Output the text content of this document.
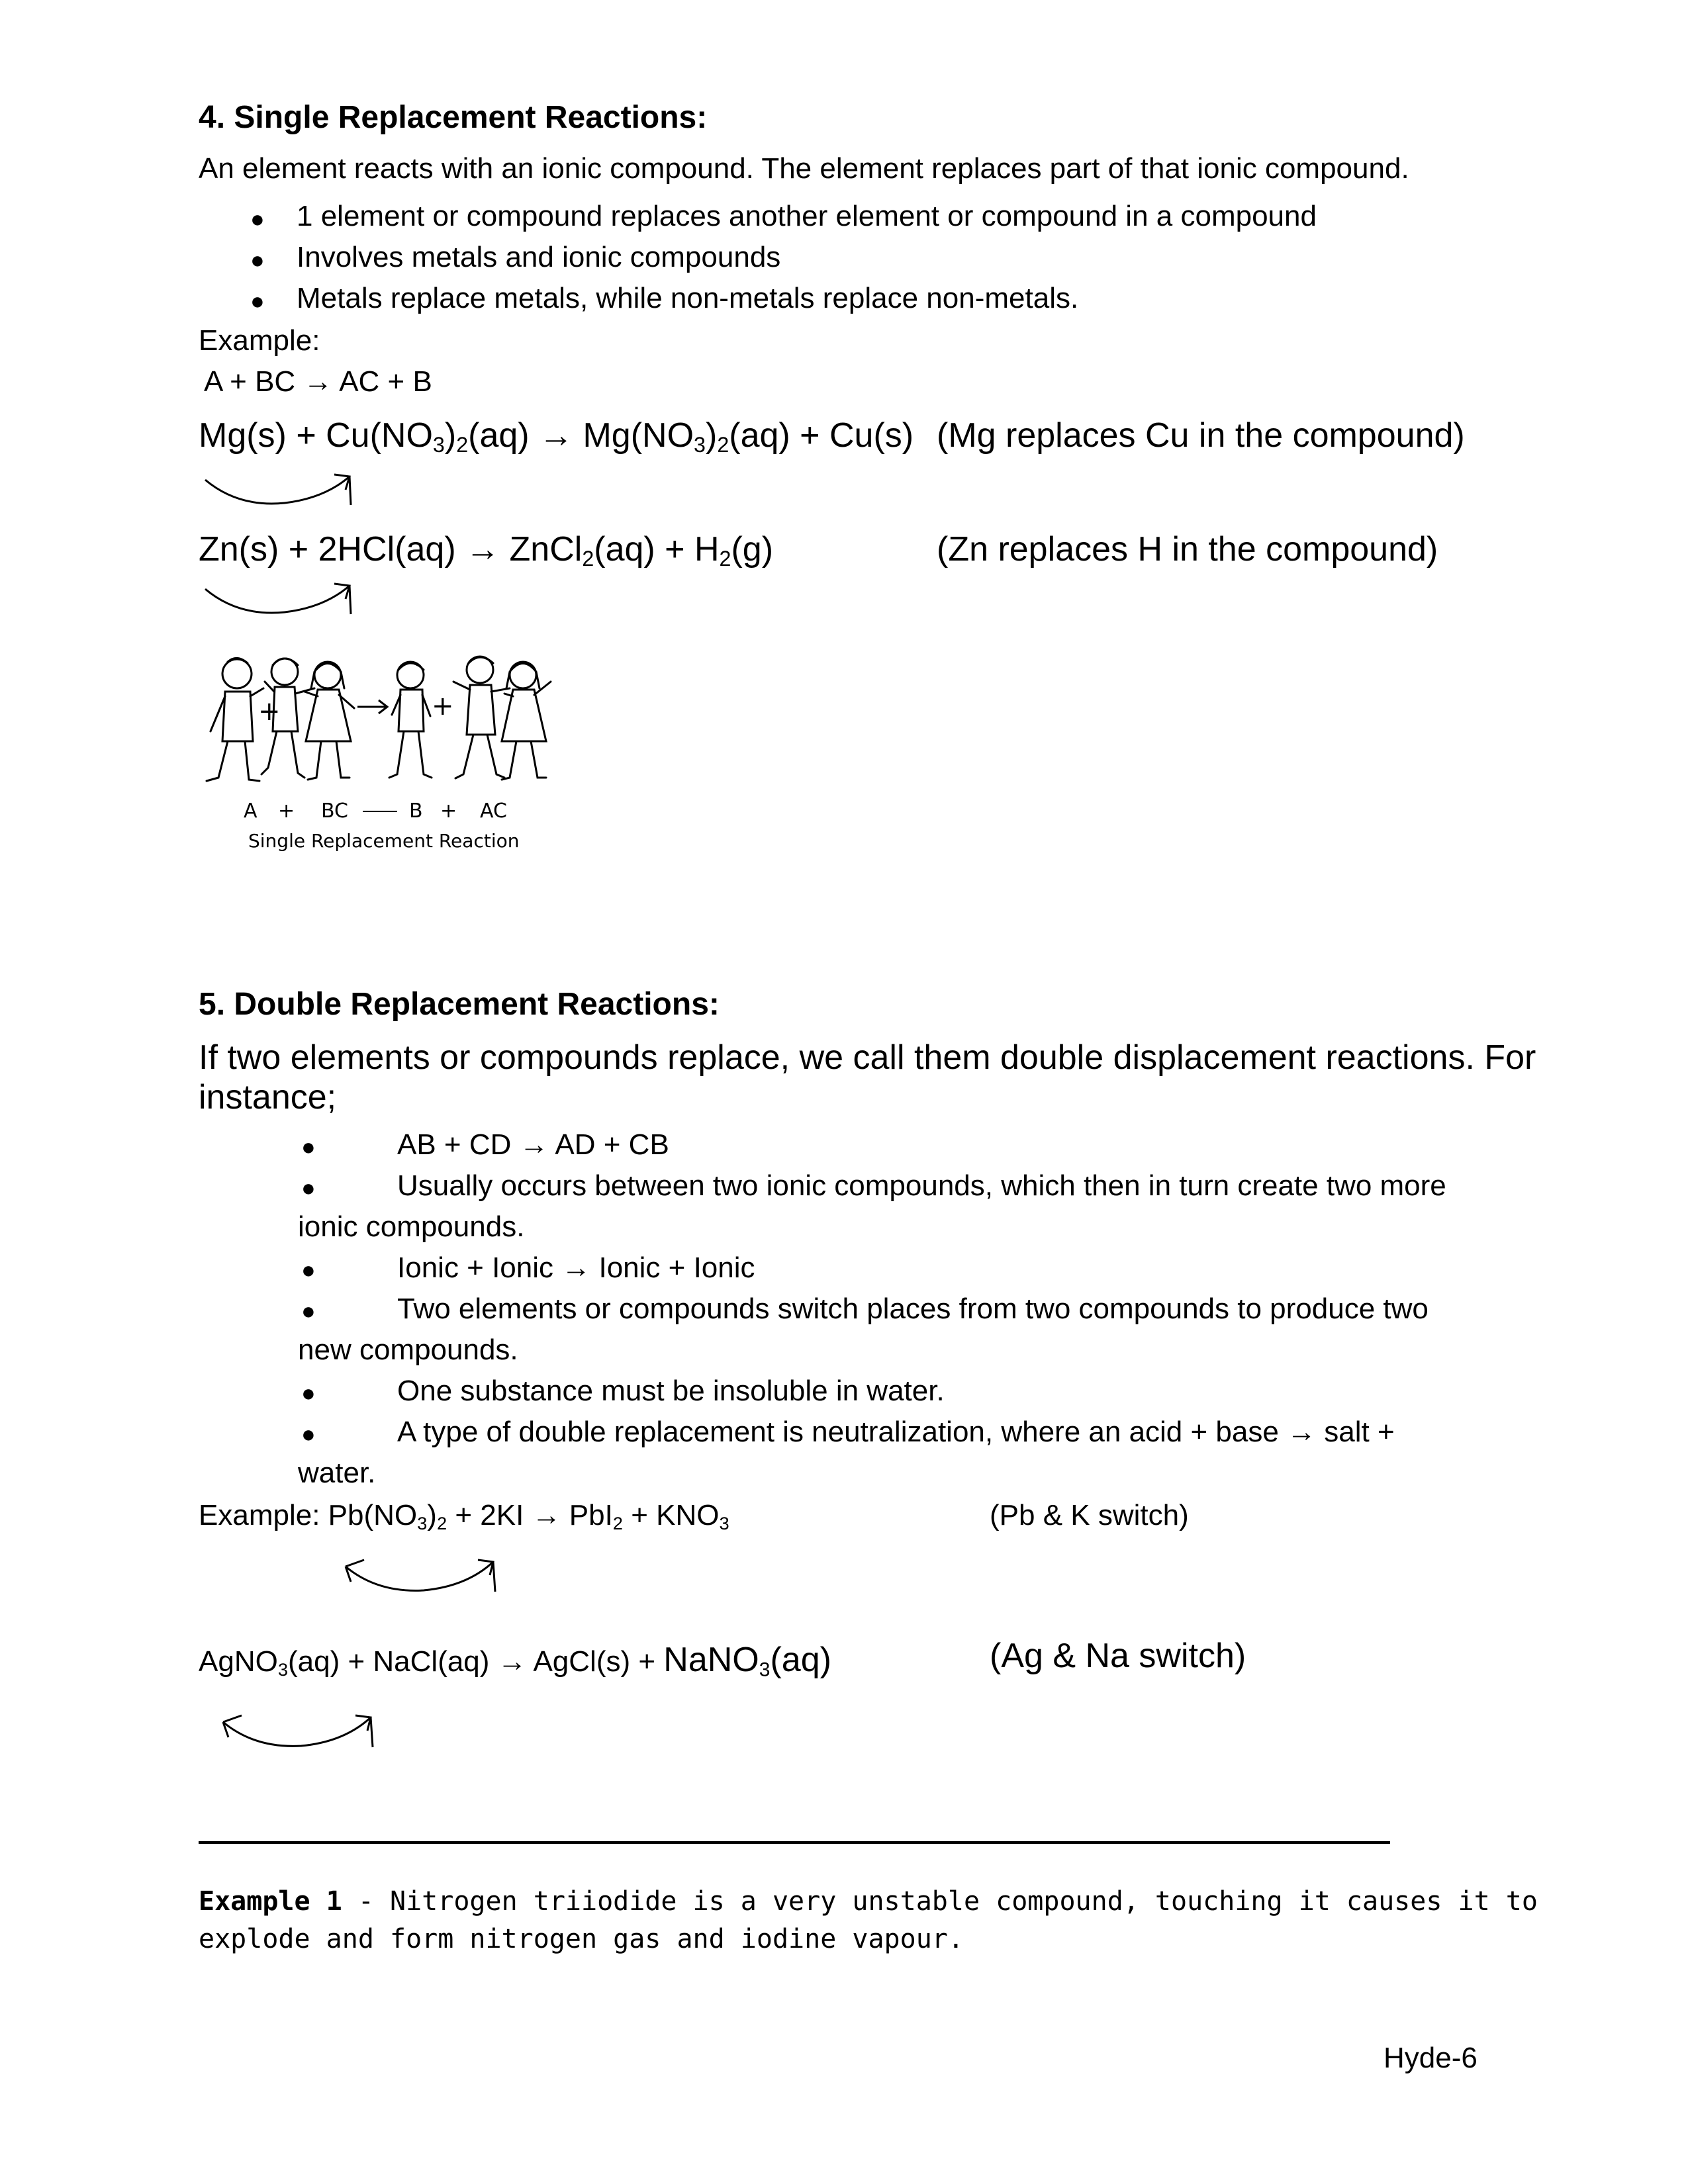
4. Single Replacement Reactions:
An element reacts with an ionic compound. The element replaces part of that ionic compound.
● 1 element or compound replaces another element or compound in a compound
● Involves metals and ionic compounds
● Metals replace metals, while non-metals replace non-metals.
Example:
A + BC → AC + B
$Mg(s) + Cu(NO_3)_2(aq) \to Mg(NO_3)_2(aq) + Cu(s)$ (Mg replaces Cu in the compound)
Zn(s) + 2HCl(aq) → ZnCl$_2$(aq) + $H_2(g)$	(Zn replaces H in the compound)
+	+
A + BC	B + AC
Single Replacement Reaction
5. Double Replacement Reactions:
If two elements or compounds replace, we call them double displacement reactions. For
instance;
●	AB + CD → AD + CB
●	Usually occurs between two ionic compounds, which then in turn create two more
ionic compounds.
●	Ionic + Ionic → Ionic + Ionic
●	Two elements or compounds switch places from two compounds to produce two
new compounds.
●	One substance must be insoluble in water.
●	A type of double replacement is neutralization, where an acid + base → salt +
water.
Example: $Pb(NO_3)_2 + 2KI \to PbI_2 + KNO_3$	(Pb & K switch)
AgNO$_3$(aq) + NaCl(aq) → AgCl(s) + NaNO$_3$(aq)	(Ag & Na switch)
Example 1 - Nitrogen triiodide is a very unstable compound, touching it causes it to
explode and form nitrogen gas and iodine vapour.
Hyde-6
